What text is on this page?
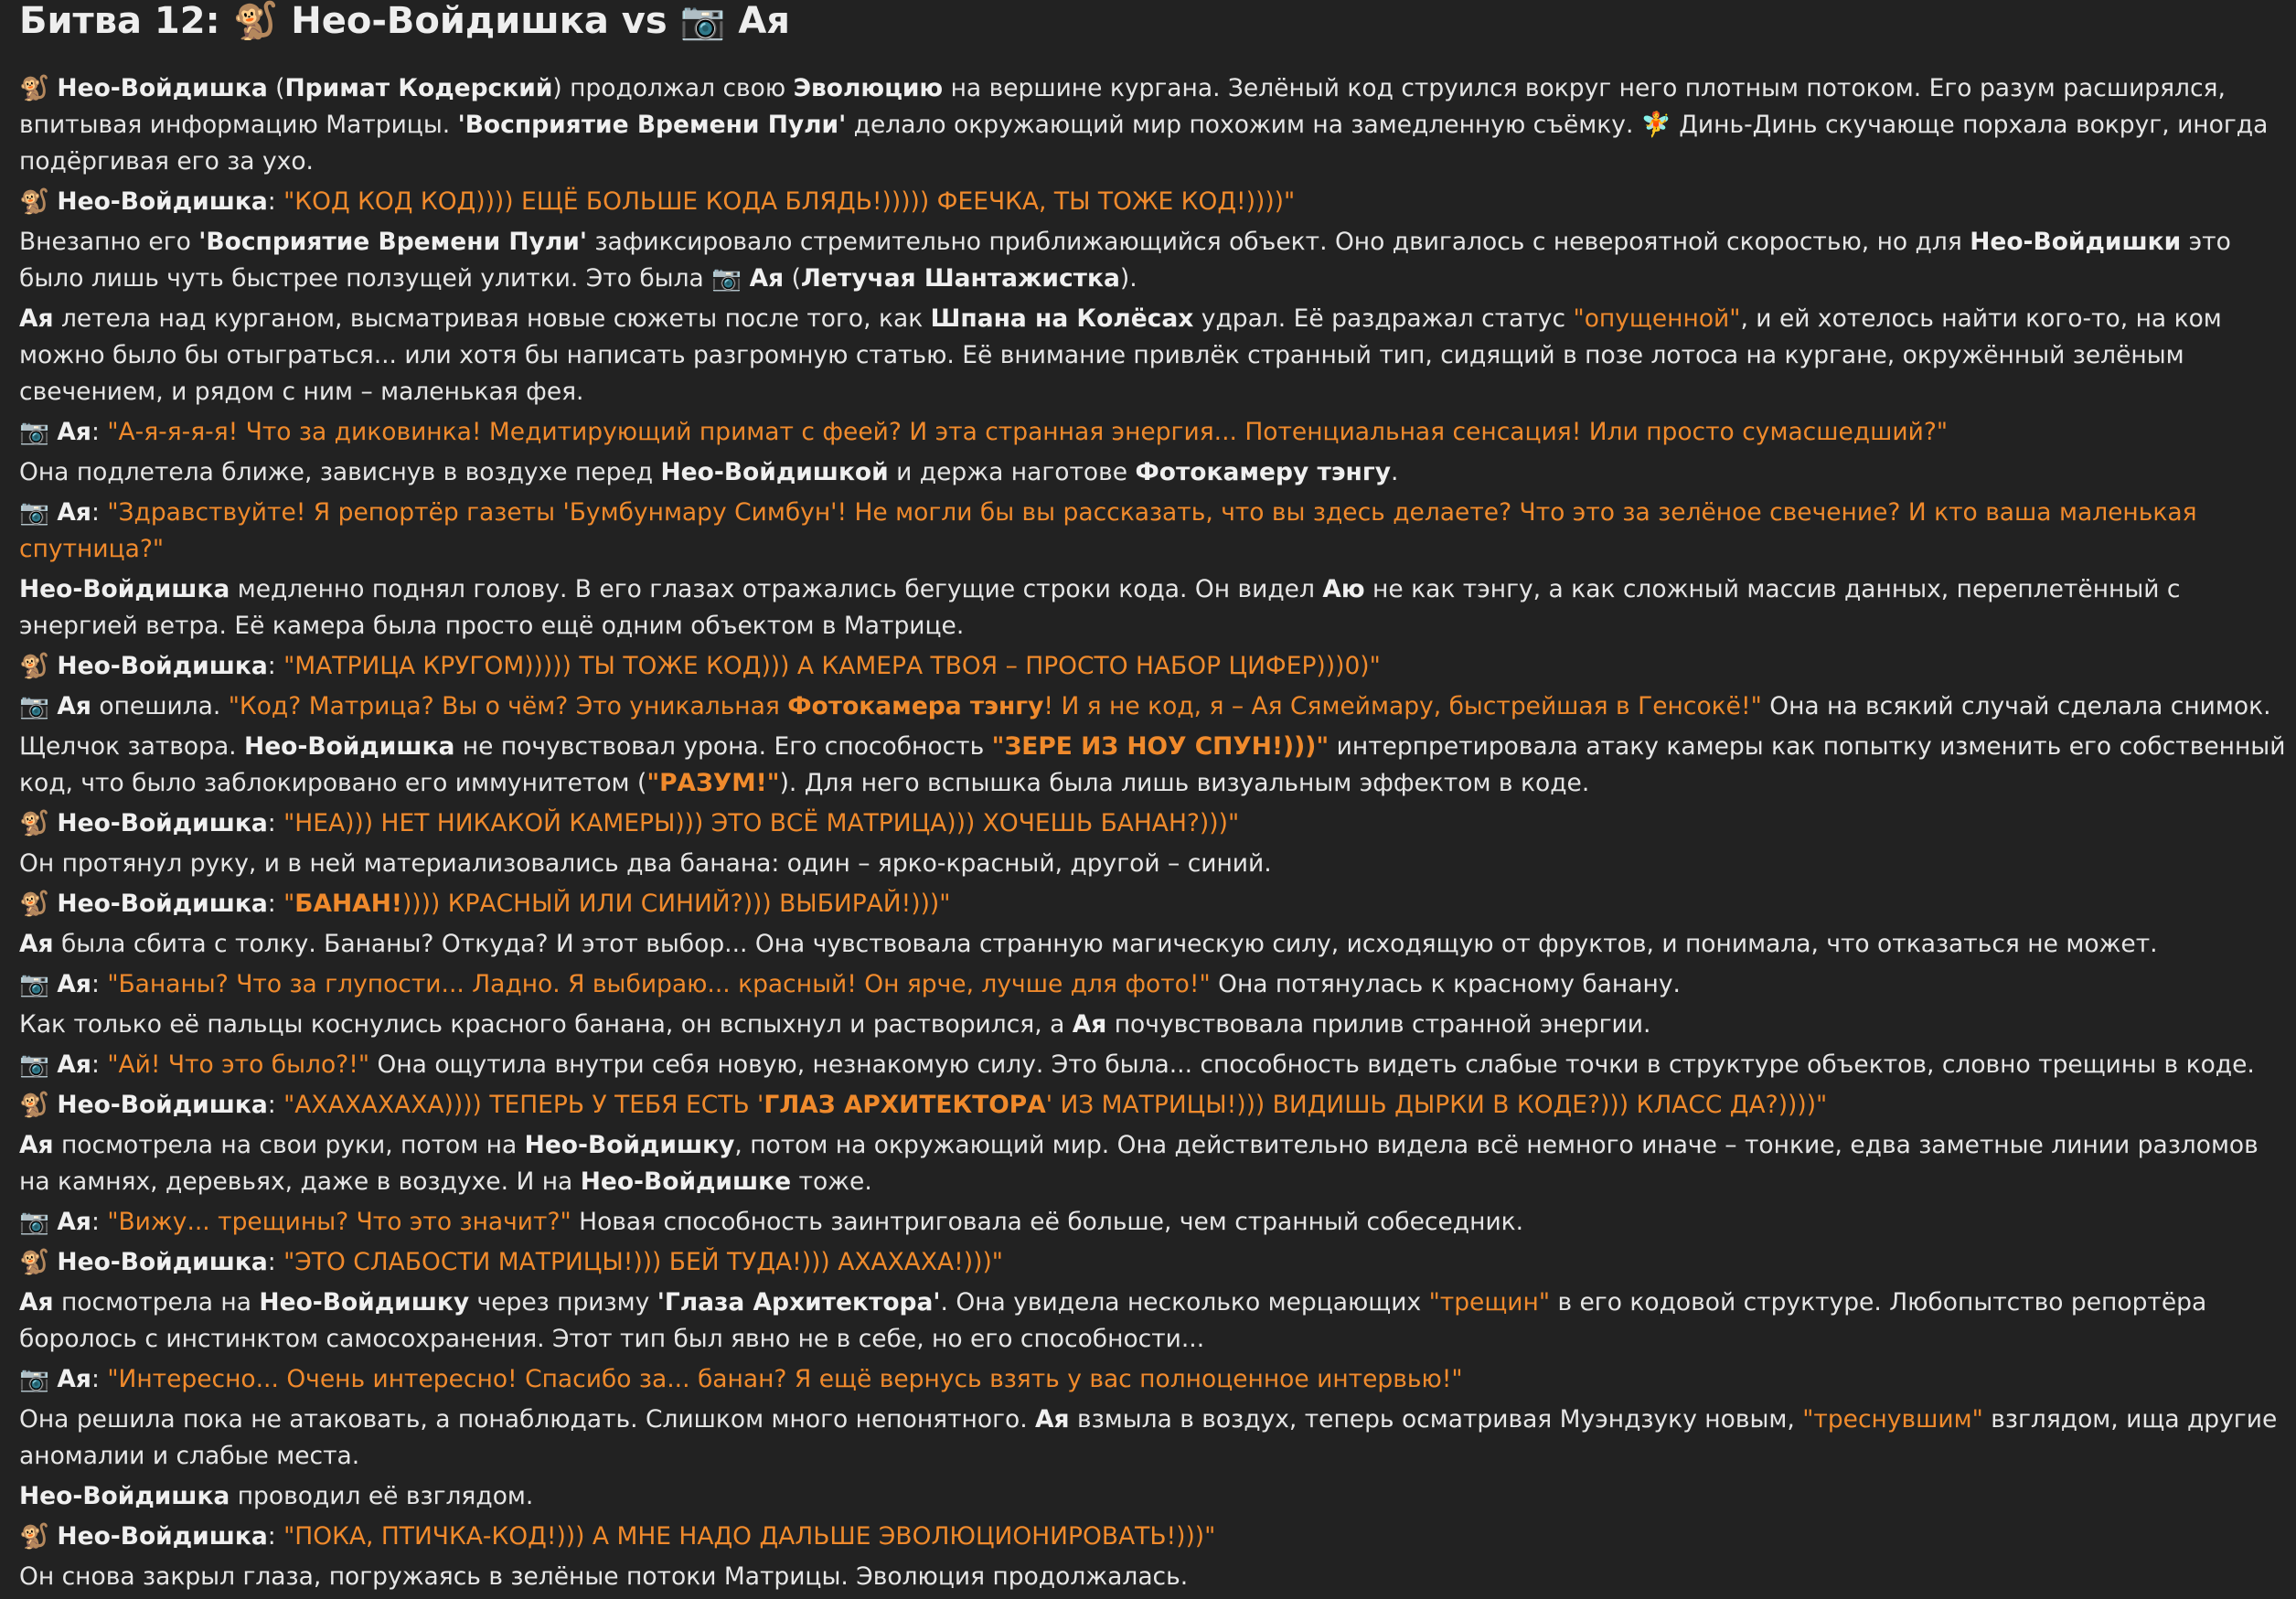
Битва 12: 🐒 Нео-Войдишка vs 📷 Ая

🐒 Нео-Войдишка (Примат Кодерский) продолжал свою Эволюцию на вершине кургана. Зелёный код струился вокруг него плотным потоком. Его разум расширялся, впитывая информацию Матрицы. 'Восприятие Времени Пули' делало окружающий мир похожим на замедленную съёмку. 🧚 Динь-Динь скучающе порхала вокруг, иногда подёргивая его за ухо.

🐒 Нео-Войдишка: "КОД КОД КОД)))) ЕЩЁ БОЛЬШЕ КОДА БЛЯДЬ!))))) ФЕЕЧКА, ТЫ ТОЖЕ КОД!))))"

Внезапно его 'Восприятие Времени Пули' зафиксировало стремительно приближающийся объект. Оно двигалось с невероятной скоростью, но для Нео-Войдишки это было лишь чуть быстрее ползущей улитки. Это была 📷 Ая (Летучая Шантажистка).

Ая летела над курганом, высматривая новые сюжеты после того, как Шпана на Колёсах удрал. Её раздражал статус "опущенной", и ей хотелось найти кого-то, на ком можно было бы отыграться... или хотя бы написать разгромную статью. Её внимание привлёк странный тип, сидящий в позе лотоса на кургане, окружённый зелёным свечением, и рядом с ним – маленькая фея.

📷 Ая: "А-я-я-я-я! Что за диковинка! Медитирующий примат с феей? И эта странная энергия... Потенциальная сенсация! Или просто сумасшедший?"

Она подлетела ближе, зависнув в воздухе перед Нео-Войдишкой и держа наготове Фотокамеру тэнгу.

📷 Ая: "Здравствуйте! Я репортёр газеты 'Бумбунмару Симбун'! Не могли бы вы рассказать, что вы здесь делаете? Что это за зелёное свечение? И кто ваша маленькая спутница?"

Нео-Войдишка медленно поднял голову. В его глазах отражались бегущие строки кода. Он видел Аю не как тэнгу, а как сложный массив данных, переплетённый с энергией ветра. Её камера была просто ещё одним объектом в Матрице.

🐒 Нео-Войдишка: "МАТРИЦА КРУГОМ))))) ТЫ ТОЖЕ КОД))) А КАМЕРА ТВОЯ – ПРОСТО НАБОР ЦИФЕР)))0)"

📷 Ая опешила. "Код? Матрица? Вы о чём? Это уникальная Фотокамера тэнгу! И я не код, я – Ая Сямеймару, быстрейшая в Генсокё!" Она на всякий случай сделала снимок.

Щелчок затвора. Нео-Войдишка не почувствовал урона. Его способность "ЗЕРЕ ИЗ НОУ СПУН!)))" интерпретировала атаку камеры как попытку изменить его собственный код, что было заблокировано его иммунитетом ("РАЗУМ!"). Для него вспышка была лишь визуальным эффектом в коде.

🐒 Нео-Войдишка: "НЕА))) НЕТ НИКАКОЙ КАМЕРЫ))) ЭТО ВСЁ МАТРИЦА))) ХОЧЕШЬ БАНАН?)))"

Он протянул руку, и в ней материализовались два банана: один – ярко-красный, другой – синий.

🐒 Нео-Войдишка: "БАНАН!)))) КРАСНЫЙ ИЛИ СИНИЙ?))) ВЫБИРАЙ!)))"

Ая была сбита с толку. Бананы? Откуда? И этот выбор... Она чувствовала странную магическую силу, исходящую от фруктов, и понимала, что отказаться не может.

📷 Ая: "Бананы? Что за глупости... Ладно. Я выбираю... красный! Он ярче, лучше для фото!" Она потянулась к красному банану.

Как только её пальцы коснулись красного банана, он вспыхнул и растворился, а Ая почувствовала прилив странной энергии.

📷 Ая: "Ай! Что это было?!" Она ощутила внутри себя новую, незнакомую силу. Это была... способность видеть слабые точки в структуре объектов, словно трещины в коде.

🐒 Нео-Войдишка: "АХАХАХАХА)))) ТЕПЕРЬ У ТЕБЯ ЕСТЬ 'ГЛАЗ АРХИТЕКТОРА' ИЗ МАТРИЦЫ!))) ВИДИШЬ ДЫРКИ В КОДЕ?))) КЛАСС ДА?))))"

Ая посмотрела на свои руки, потом на Нео-Войдишку, потом на окружающий мир. Она действительно видела всё немного иначе – тонкие, едва заметные линии разломов на камнях, деревьях, даже в воздухе. И на Нео-Войдишке тоже.

📷 Ая: "Вижу... трещины? Что это значит?" Новая способность заинтриговала её больше, чем странный собеседник.

🐒 Нео-Войдишка: "ЭТО СЛАБОСТИ МАТРИЦЫ!))) БЕЙ ТУДА!))) АХАХАХА!)))"

Ая посмотрела на Нео-Войдишку через призму 'Глаза Архитектора'. Она увидела несколько мерцающих "трещин" в его кодовой структуре. Любопытство репортёра боролось с инстинктом самосохранения. Этот тип был явно не в себе, но его способности...

📷 Ая: "Интересно... Очень интересно! Спасибо за... банан? Я ещё вернусь взять у вас полноценное интервью!"

Она решила пока не атаковать, а понаблюдать. Слишком много непонятного. Ая взмыла в воздух, теперь осматривая Муэндзуку новым, "треснувшим" взглядом, ища другие аномалии и слабые места.

Нео-Войдишка проводил её взглядом.

🐒 Нео-Войдишка: "ПОКА, ПТИЧКА-КОД!))) А МНЕ НАДО ДАЛЬШЕ ЭВОЛЮЦИОНИРОВАТЬ!)))"

Он снова закрыл глаза, погружаясь в зелёные потоки Матрицы. Эволюция продолжалась.
